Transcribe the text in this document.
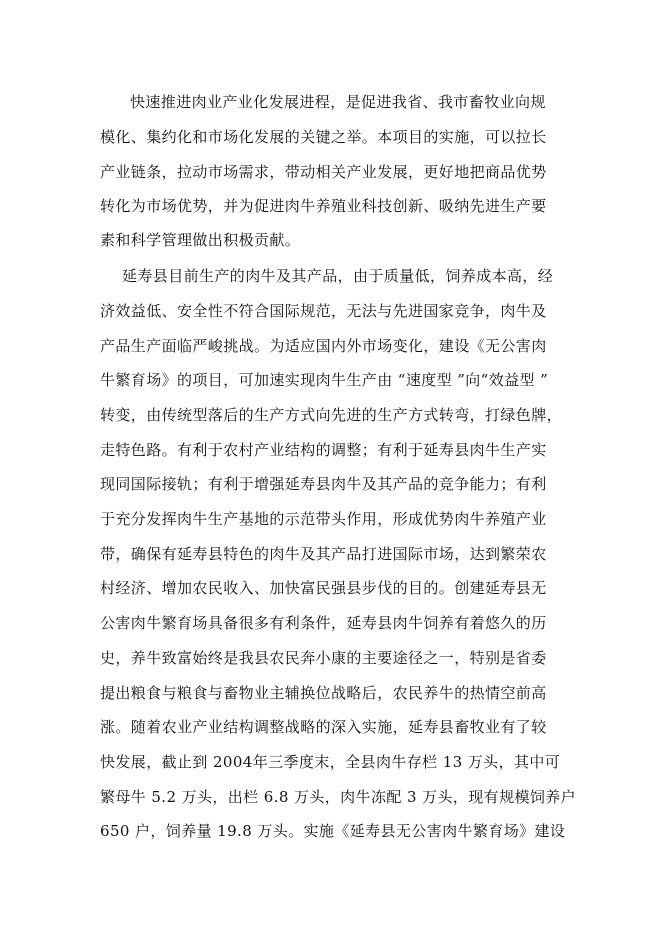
快速推进肉业产业化发展进程，是促进我省、我市畜牧业向规
模化、集约化和市场化发展的关键之举。本项目的实施，可以拉长
产业链条，拉动市场需求，带动相关产业发展，更好地把商品优势
转化为市场优势，并为促进肉牛养殖业科技创新、吸纳先进生产要
素和科学管理做出积极贡献。
延寿县目前生产的肉牛及其产品，由于质量低，饲养成本高，经
济效益低、安全性不符合国际规范，无法与先进国家竞争，肉牛及
产品生产面临严峻挑战。为适应国内外市场变化，建设《无公害肉
牛繁育场》的项目，可加速实现肉牛生产由 “速度型 ”向“效益型 ”
转变，由传统型落后的生产方式向先进的生产方式转弯，打绿色牌，
走特色路。有利于农村产业结构的调整；有利于延寿县肉牛生产实
现同国际接轨；有利于增强延寿县肉牛及其产品的竞争能力；有利
于充分发挥肉牛生产基地的示范带头作用，形成优势肉牛养殖产业
带，确保有延寿县特色的肉牛及其产品打进国际市场，达到繁荣农
村经济、增加农民收入、加快富民强县步伐的目的。创建延寿县无
公害肉牛繁育场具备很多有利条件，延寿县肉牛饲养有着悠久的历
史，养牛致富始终是我县农民奔小康的主要途径之一，特别是省委
提出粮食与粮食与畜物业主辅换位战略后，农民养牛的热情空前高
涨。随着农业产业结构调整战略的深入实施，延寿县畜牧业有了较
快发展，截止到 2004年三季度末，全县肉牛存栏 13 万头，其中可
繁母牛 5.2 万头，出栏 6.8 万头，肉牛冻配 3 万头，现有规模饲养户
650 户，饲养量 19.8 万头。实施《延寿县无公害肉牛繁育场》建设
